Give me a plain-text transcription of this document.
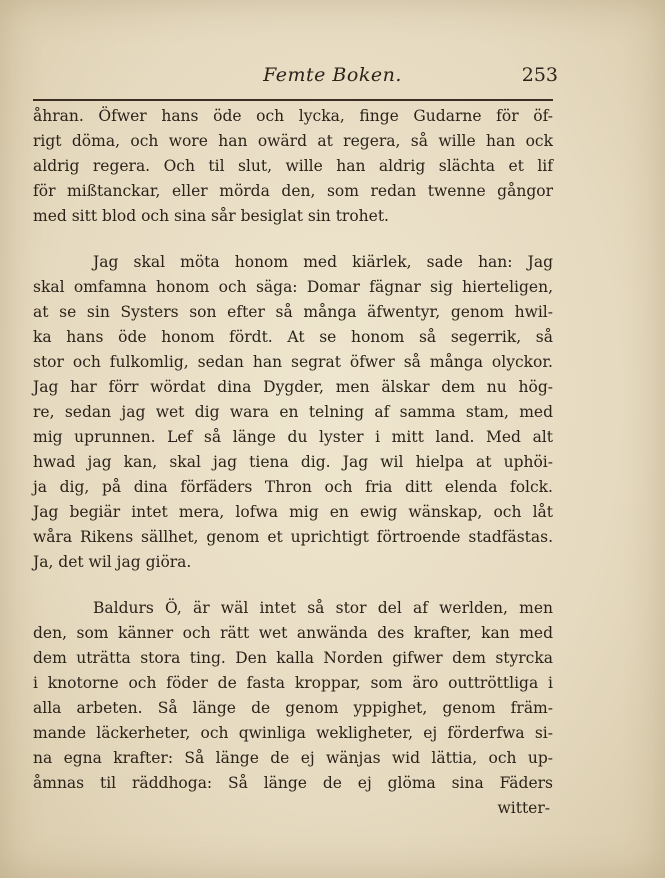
Femte Boken.	253
åhran. Öfwer hans öde och lycka, finge Gudarne för öf-
rigt döma, och wore han owärd at regera, så wille han ock
aldrig regera. Och til slut, wille han aldrig slächta et lif
för mißtanckar, eller mörda den, som redan twenne gångor
med sitt blod och sina sår besiglat sin trohet.
Jag skal möta honom med kiärlek, sade han: Jag
skal omfamna honom och säga: Domar fägnar sig hierteligen,
at se sin Systers son efter så många äfwentyr, genom hwil-
ka hans öde honom fördt. At se honom så segerrik, så
stor och fulkomlig, sedan han segrat öfwer så många olyckor.
Jag har förr wördat dina Dygder, men älskar dem nu hög-
re, sedan jag wet dig wara en telning af samma stam, med
mig uprunnen. Lef så länge du lyster i mitt land. Med alt
hwad jag kan, skal jag tiena dig. Jag wil hielpa at uphöi-
ja dig, på dina förfäders Thron och fria ditt elenda folck.
Jag begiär intet mera, lofwa mig en ewig wänskap, och låt
wåra Rikens sällhet, genom et uprichtigt förtroende stadfästas.
Ja, det wil jag giöra.
Baldurs Ö, är wäl intet så stor del af werlden, men
den, som känner och rätt wet anwända des krafter, kan med
dem uträtta stora ting. Den kalla Norden gifwer dem styrcka
i knotorne och föder de fasta kroppar, som äro outtröttliga i
alla arbeten. Så länge de genom yppighet, genom främ-
mande läckerheter, och qwinliga wekligheter, ej förderfwa si-
na egna krafter: Så länge de ej wänjas wid lättia, och up-
åmnas til räddhoga: Så länge de ej glöma sina Fäders
witter-
